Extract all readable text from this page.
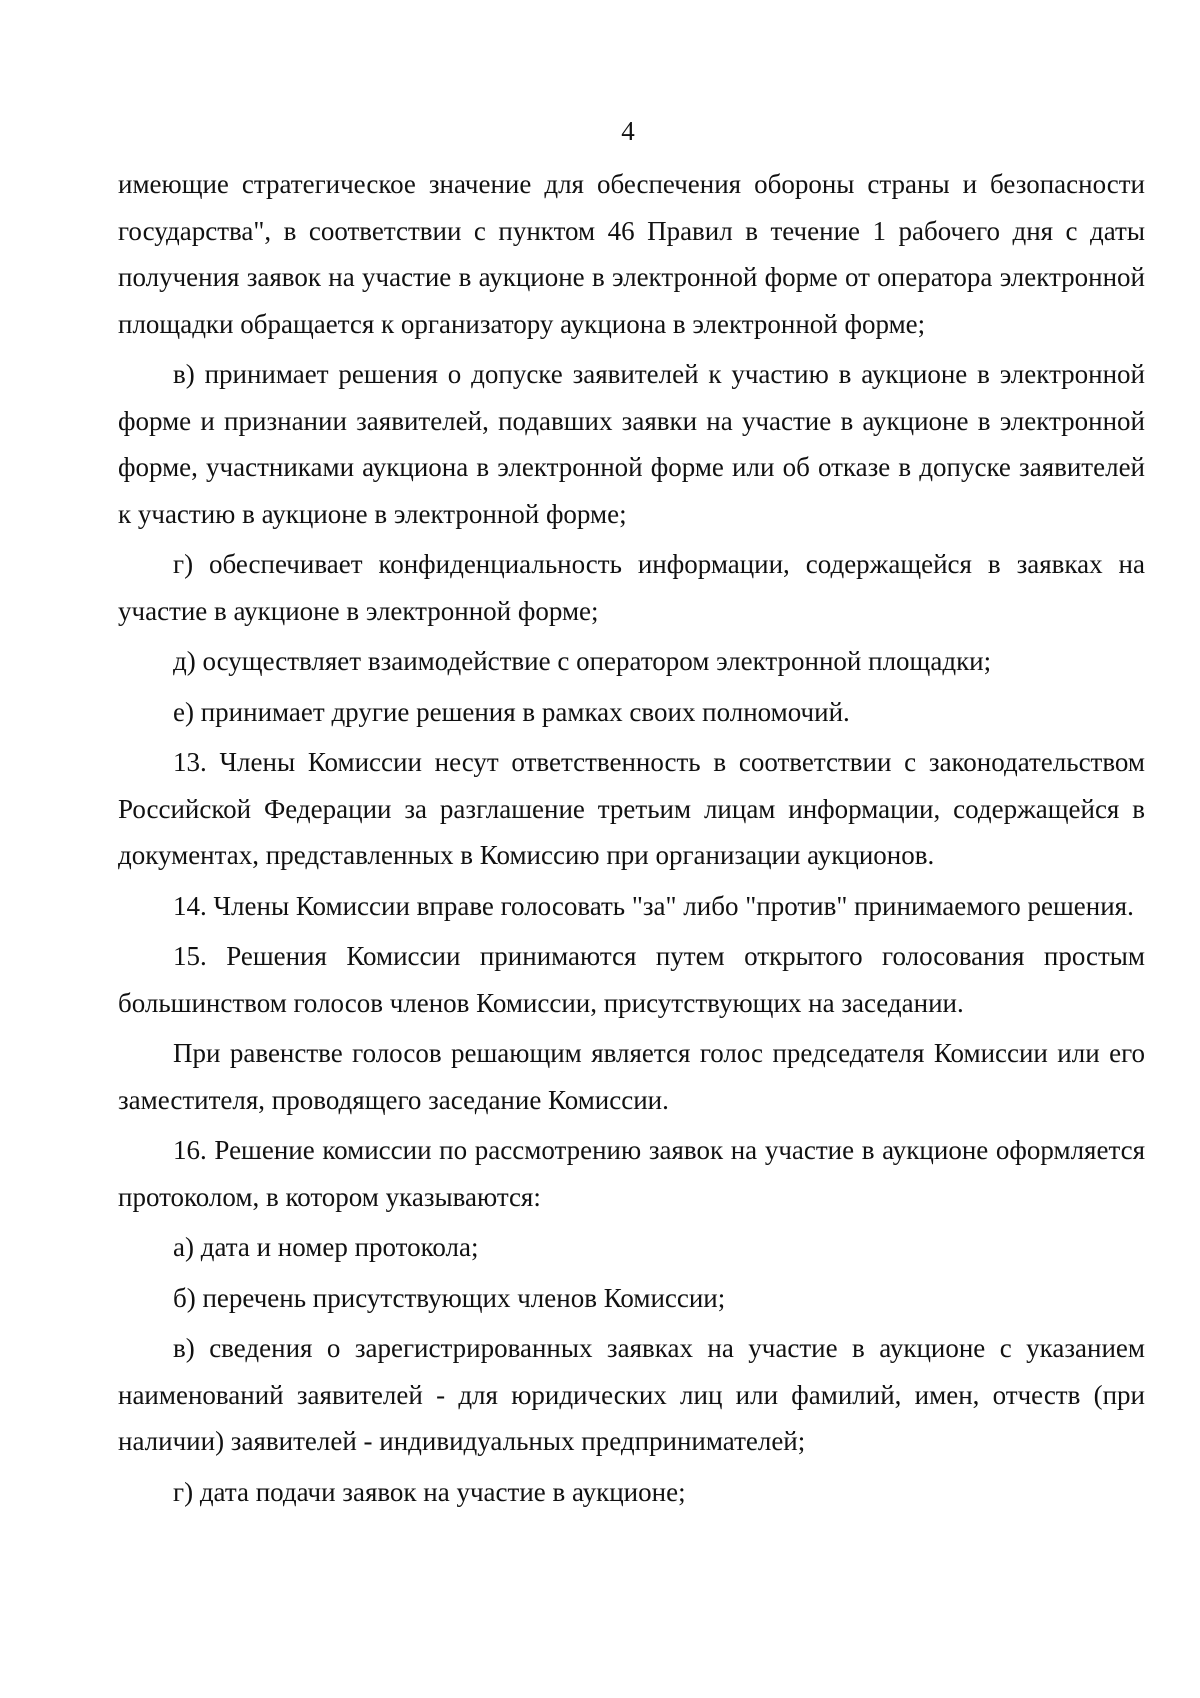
4

имеющие стратегическое значение для обеспечения обороны страны и безопасности государства", в соответствии с пунктом 46 Правил в течение 1 рабочего дня с даты получения заявок на участие в аукционе в электронной форме от оператора электронной площадки обращается к организатору аукциона в электронной форме;

в) принимает решения о допуске заявителей к участию в аукционе в электронной форме и признании заявителей, подавших заявки на участие в аукционе в электронной форме, участниками аукциона в электронной форме или об отказе в допуске заявителей к участию в аукционе в электронной форме;

г) обеспечивает конфиденциальность информации, содержащейся в заявках на участие в аукционе в электронной форме;

д) осуществляет взаимодействие с оператором электронной площадки;

е) принимает другие решения в рамках своих полномочий.

13. Члены Комиссии несут ответственность в соответствии с законодательством Российской Федерации за разглашение третьим лицам информации, содержащейся в документах, представленных в Комиссию при организации аукционов.

14. Члены Комиссии вправе голосовать "за" либо "против" принимаемого решения.

15. Решения Комиссии принимаются путем открытого голосования простым большинством голосов членов Комиссии, присутствующих на заседании.

При равенстве голосов решающим является голос председателя Комиссии или его заместителя, проводящего заседание Комиссии.

16. Решение комиссии по рассмотрению заявок на участие в аукционе оформляется протоколом, в котором указываются:

а) дата и номер протокола;

б) перечень присутствующих членов Комиссии;

в) сведения о зарегистрированных заявках на участие в аукционе с указанием наименований заявителей - для юридических лиц или фамилий, имен, отчеств (при наличии) заявителей - индивидуальных предпринимателей;

г) дата подачи заявок на участие в аукционе;
